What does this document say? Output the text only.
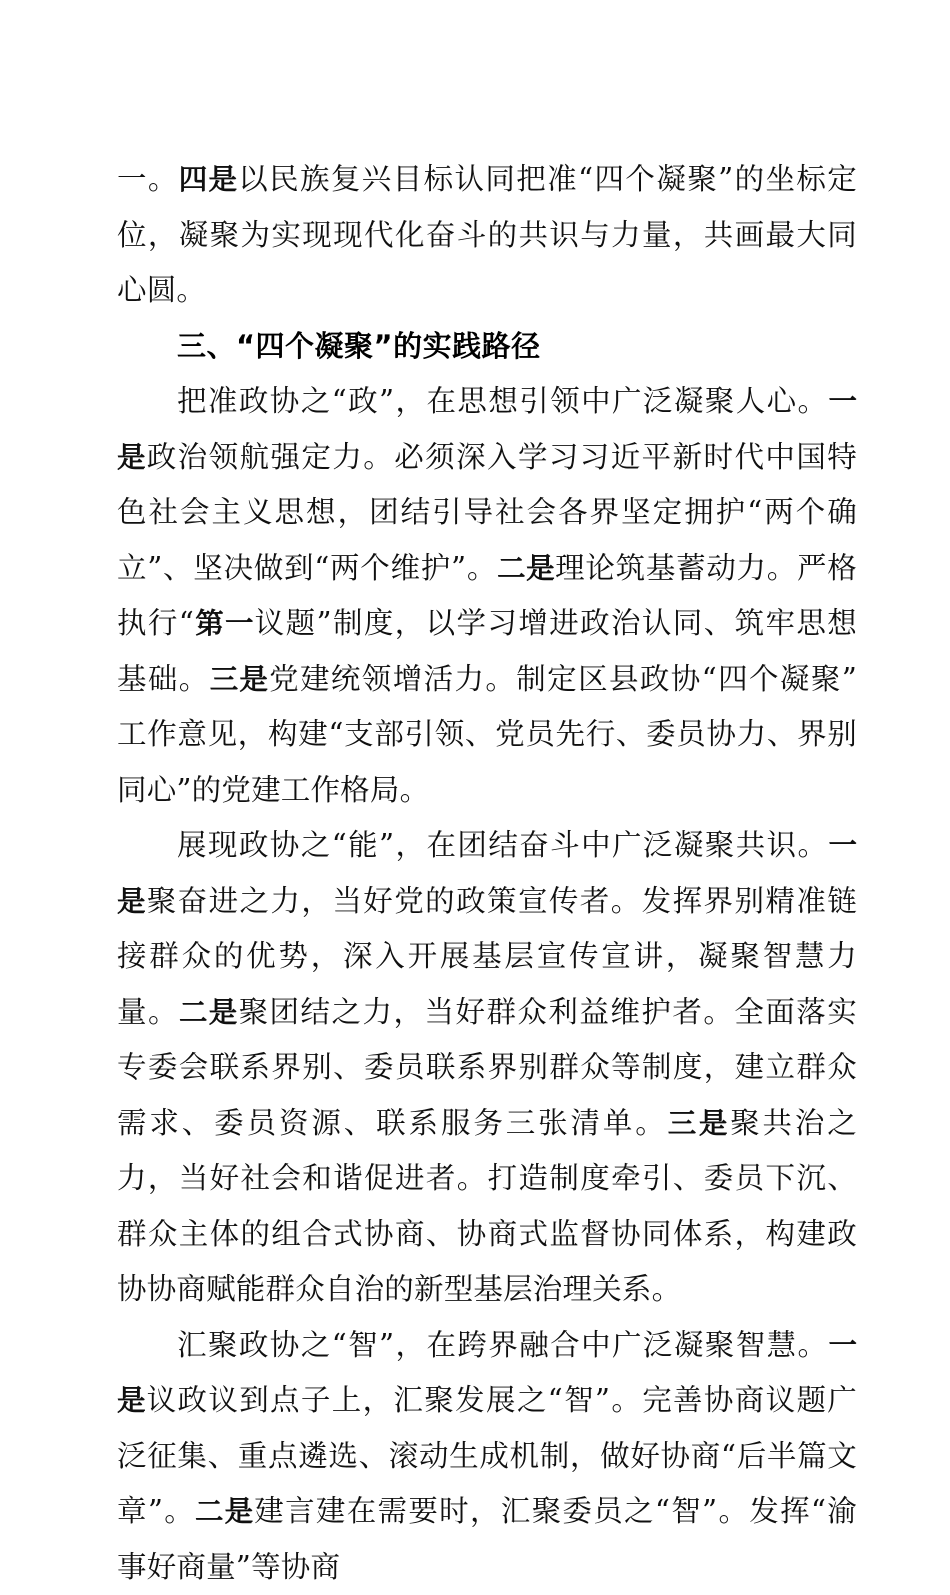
一。四是以民族复兴目标认同把准“四个凝聚”的坐标定位，凝聚为实现现代化奋斗的共识与力量，共画最大同心圆。
三、“四个凝聚”的实践路径
把准政协之“政”，在思想引领中广泛凝聚人心。一是政治领航强定力。必须深入学习习近平新时代中国特色社会主义思想，团结引导社会各界坚定拥护“两个确立”、坚决做到“两个维护”。二是理论筑基蓄动力。严格执行“第一议题”制度，以学习增进政治认同、筑牢思想基础。三是党建统领增活力。制定区县政协“四个凝聚”工作意见，构建“支部引领、党员先行、委员协力、界别同心”的党建工作格局。
展现政协之“能”，在团结奋斗中广泛凝聚共识。一是聚奋进之力，当好党的政策宣传者。发挥界别精准链接群众的优势，深入开展基层宣传宣讲，凝聚智慧力量。二是聚团结之力，当好群众利益维护者。全面落实专委会联系界别、委员联系界别群众等制度，建立群众需求、委员资源、联系服务三张清单。三是聚共治之力，当好社会和谐促进者。打造制度牵引、委员下沉、群众主体的组合式协商、协商式监督协同体系，构建政协协商赋能群众自治的新型基层治理关系。
汇聚政协之“智”，在跨界融合中广泛凝聚智慧。一是议政议到点子上，汇聚发展之“智”。完善协商议题广泛征集、重点遴选、滚动生成机制，做好协商“后半篇文章”。二是建言建在需要时，汇聚委员之“智”。发挥“渝事好商量”等协商
